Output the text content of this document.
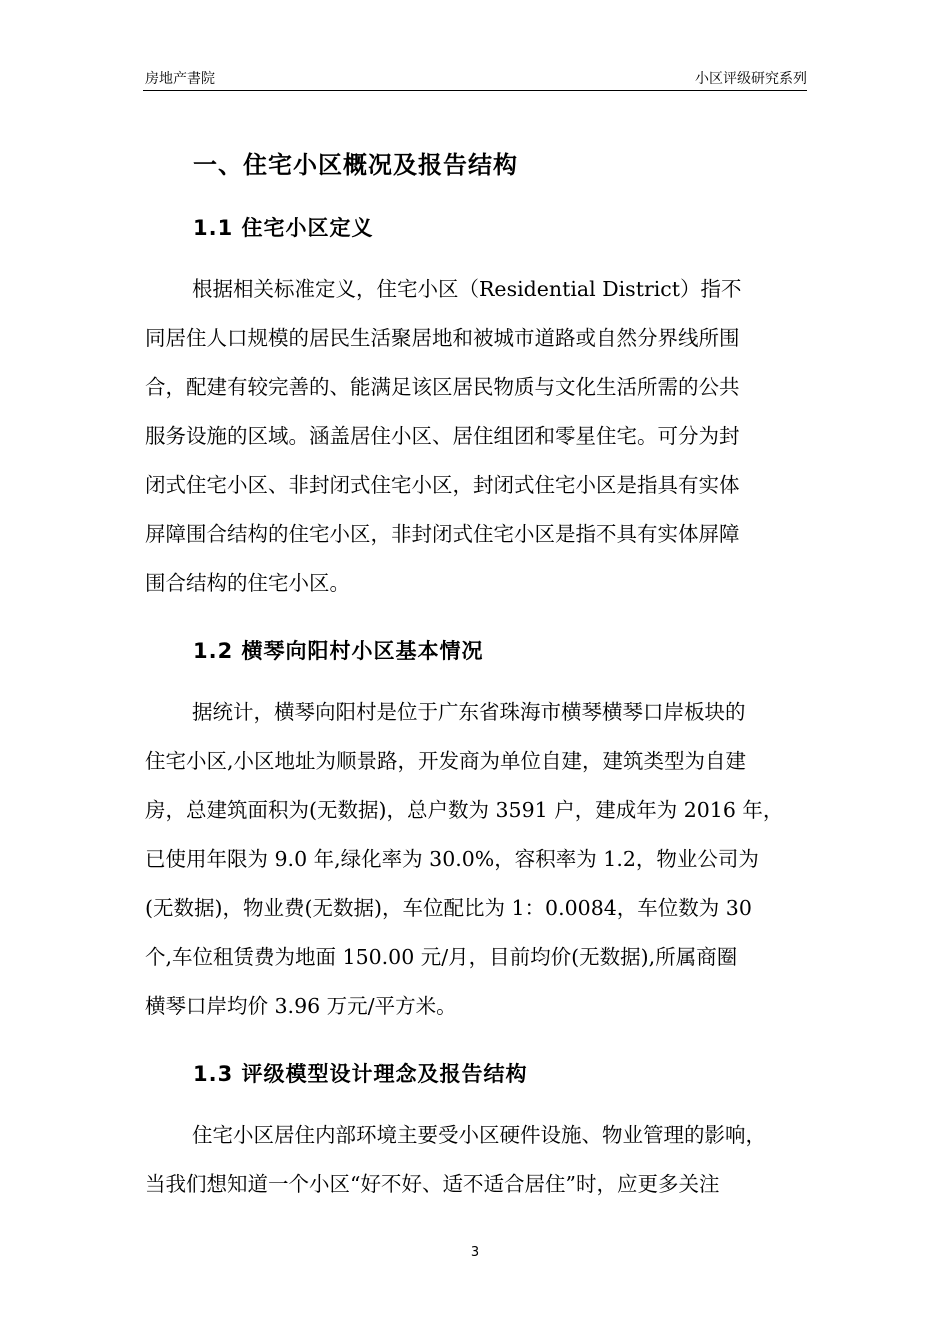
房地产書院	小区评级研究系列
一、住宅小区概况及报告结构
1.1 住宅小区定义
根据相关标准定义，住宅小区（Residential District）指不
同居住人口规模的居民生活聚居地和被城市道路或自然分界线所围
合，配建有较完善的、能满足该区居民物质与文化生活所需的公共
服务设施的区域。涵盖居住小区、居住组团和零星住宅。可分为封
闭式住宅小区、非封闭式住宅小区，封闭式住宅小区是指具有实体
屏障围合结构的住宅小区，非封闭式住宅小区是指不具有实体屏障
围合结构的住宅小区。
1.2 横琴向阳村小区基本情况
据统计，横琴向阳村是位于广东省珠海市横琴横琴口岸板块的
住宅小区,小区地址为顺景路，开发商为单位自建，建筑类型为自建
房，总建筑面积为(无数据)，总户数为 3591 户，建成年为 2016 年，
已使用年限为 9.0 年,绿化率为 30.0%，容积率为 1.2，物业公司为
(无数据)，物业费(无数据)，车位配比为 1：0.0084，车位数为 30
个,车位租赁费为地面 150.00 元/月，目前均价(无数据),所属商圈
横琴口岸均价 3.96 万元/平方米。
1.3 评级模型设计理念及报告结构
住宅小区居住内部环境主要受小区硬件设施、物业管理的影响，
当我们想知道一个小区“好不好、适不适合居住”时，应更多关注
3
